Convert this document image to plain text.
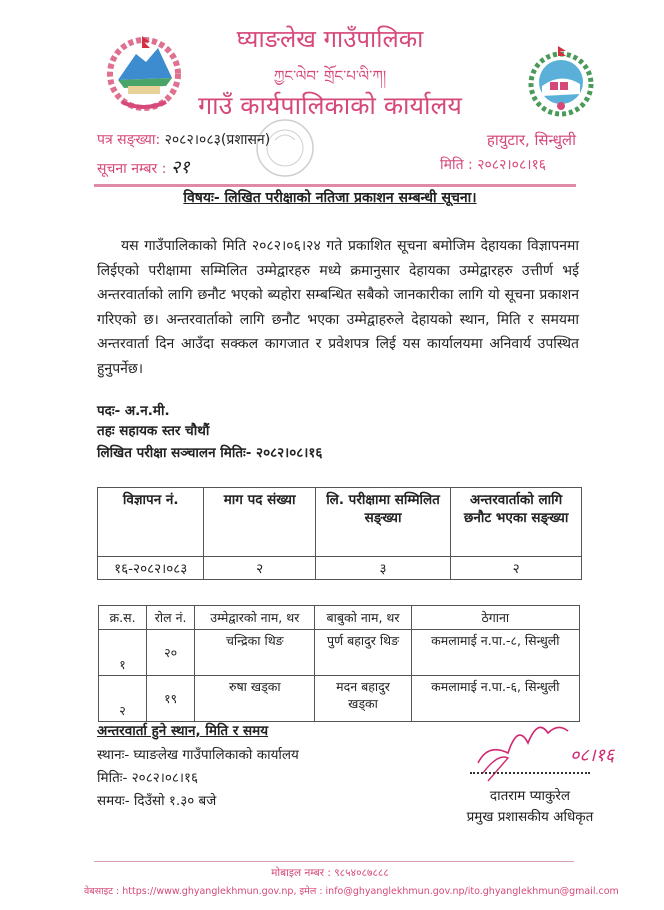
घ्याङलेख गाउँपालिका
ཀྱང་ལེབ་ གྲོང་པ་ལི་ཀ།
गाउँ कार्यपालिकाको कार्यालय
पत्र सङ्ख्या: २०८२।०८३(प्रशासन)
सूचना नम्बर : २१
हायुटार, सिन्धुली
मिति : २०८२।०८।१६
विषयः- लिखित परीक्षाको नतिजा प्रकाशन सम्बन्धी सूचना।
यस गाउँपालिकाको मिति २०८२।०६।२४ गते प्रकाशित सूचना बमोजिम देहायका विज्ञापनमा लिईएको परीक्षामा सम्मिलित उम्मेद्वारहरु मध्ये क्रमानुसार देहायका उम्मेद्वारहरु उत्तीर्ण भई अन्तरवार्ताको लागि छनौट भएको ब्यहोरा सम्बन्धित सबैको जानकारीका लागि यो सूचना प्रकाशन गरिएको छ। अन्तरवार्ताको लागि छनौट भएका उम्मेद्वाहरुले देहायको स्थान, मिति र समयमा अन्तरवार्ता दिन आउँदा सक्कल कागजात र प्रवेशपत्र लिई यस कार्यालयमा अनिवार्य उपस्थित हुनुपर्नेछ।
पदः- अ.न.मी.
तहः सहायक स्तर चौथौं
लिखित परीक्षा सञ्चालन मितिः- २०८२।०८।१६
विज्ञापन नं.	माग पद संख्या	लि. परीक्षामा सम्मिलित सङ्ख्या	अन्तरवार्ताको लागि छनौट भएका सङ्ख्या
१६-२०८२।०८३	२	३	२
क्र.स.	रोल नं.	उम्मेद्वारको नाम, थर	बाबुको नाम, थर	ठेगाना
१	२०	चन्द्रिका थिङ	पुर्ण बहादुर थिङ	कमलामाई न.पा.-८, सिन्धुली
२	१९	रुषा खड्का	मदन बहादुर खड्का	कमलामाई न.पा.-६, सिन्धुली
अन्तरवार्ता हुने स्थान, मिति र समय
स्थानः- घ्याङलेख गाउँपालिकाको कार्यालय
मितिः- २०८२।०८।१६
समयः- दिउँसो १.३० बजे
०८।१६
दातराम प्याकुरेल
प्रमुख प्रशासकीय अधिकृत
मोबाइल नम्बर : ९८५४०८७८८८
वेबसाइट : https://www.ghyanglekhmun.gov.np, इमेल : info@ghyanglekhmun.gov.np/ito.ghyanglekhmun@gmail.com
